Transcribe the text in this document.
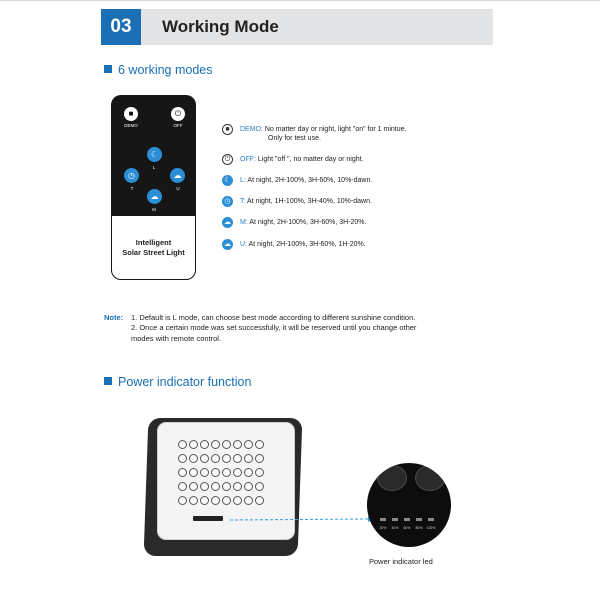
03	Working Mode
6 working modes
■
DEMO
⏻
OFF
☾
L
◷
T
☁
U
☁
M
Intelligent
Solar Street Light
■	DEMO: No matter day or night, light "on" for 1 mintue.
Only for test use.
⏻	OFF: Light "off ", no matter day or night.
☾	L: At night, 2H-100%, 3H-60%, 10%-dawn.
◷	T: At night, 1H-100%, 3H-40%, 10%-dawn.
☁ M: At night, 2H-100%, 3H-60%, 3H-20%.
☁ U: At night, 2H-100%, 3H-60%, 1H-20%.
Note: 1. Default is L mode, can choose best mode according to different sunshine condition.
2. Once a certain mode was set successfully, it will be reserved until you change other
modes with remote control.
Power indicator function
20%	40%	60%	80%	100%
Power indicator led
